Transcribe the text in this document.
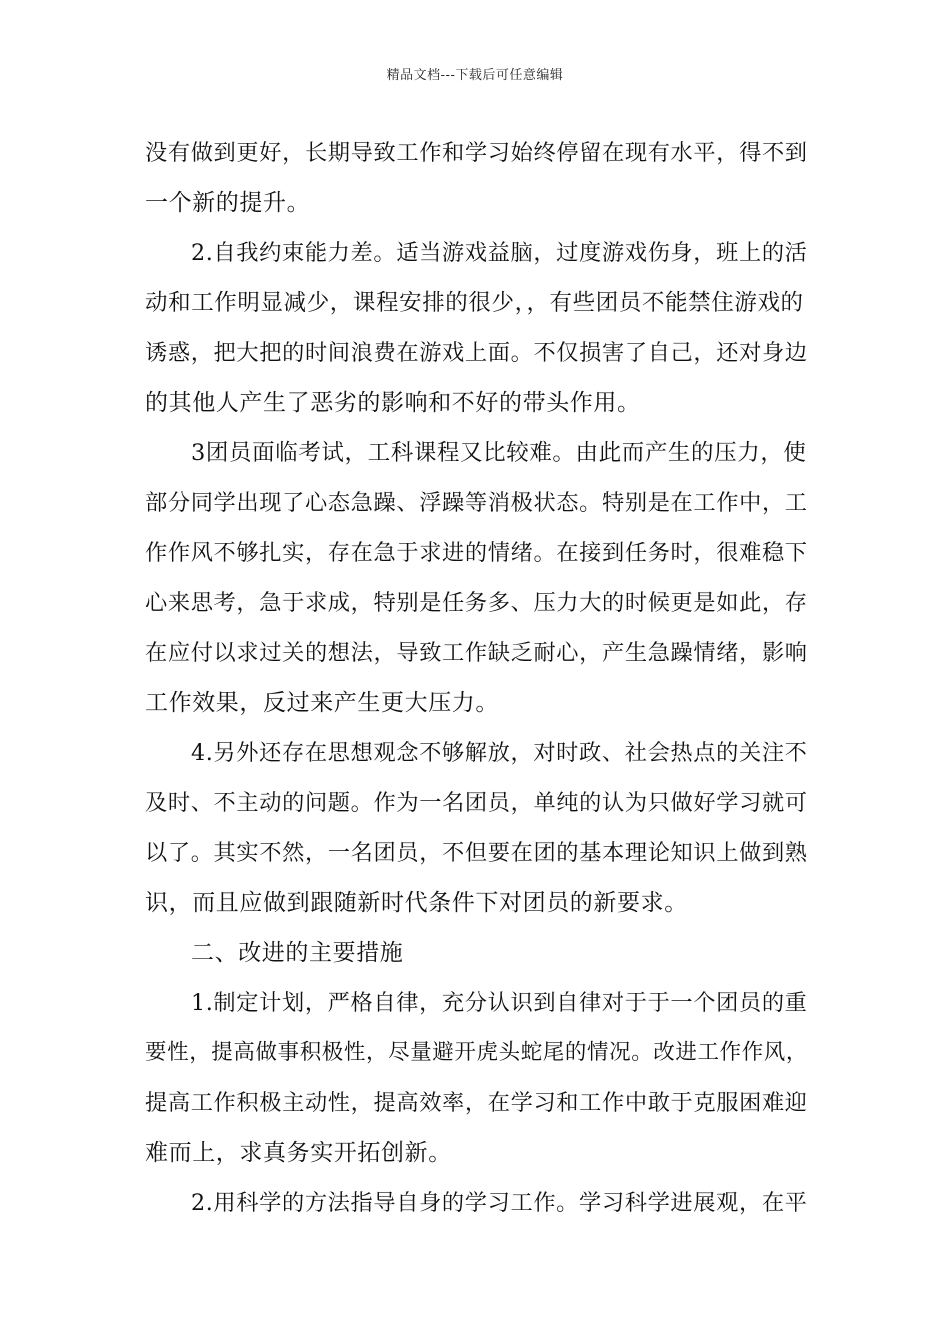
精品文档---下载后可任意编辑
没有做到更好，长期导致工作和学习始终停留在现有水平，得不到
一个新的提升。
2.自我约束能力差。适当游戏益脑，过度游戏伤身，班上的活
动和工作明显减少，课程安排的很少，，有些团员不能禁住游戏的
诱惑，把大把的时间浪费在游戏上面。不仅损害了自己，还对身边
的其他人产生了恶劣的影响和不好的带头作用。
3团员面临考试，工科课程又比较难。由此而产生的压力，使
部分同学出现了心态急躁、浮躁等消极状态。特别是在工作中，工
作作风不够扎实，存在急于求进的情绪。在接到任务时，很难稳下
心来思考，急于求成，特别是任务多、压力大的时候更是如此，存
在应付以求过关的想法，导致工作缺乏耐心，产生急躁情绪，影响
工作效果，反过来产生更大压力。
4.另外还存在思想观念不够解放，对时政、社会热点的关注不
及时、不主动的问题。作为一名团员，单纯的认为只做好学习就可
以了。其实不然，一名团员，不但要在团的基本理论知识上做到熟
识，而且应做到跟随新时代条件下对团员的新要求。
二、改进的主要措施
1.制定计划，严格自律，充分认识到自律对于于一个团员的重
要性，提高做事积极性，尽量避开虎头蛇尾的情况。改进工作作风，
提高工作积极主动性，提高效率，在学习和工作中敢于克服困难迎
难而上，求真务实开拓创新。
2.用科学的方法指导自身的学习工作。学习科学进展观，在平
